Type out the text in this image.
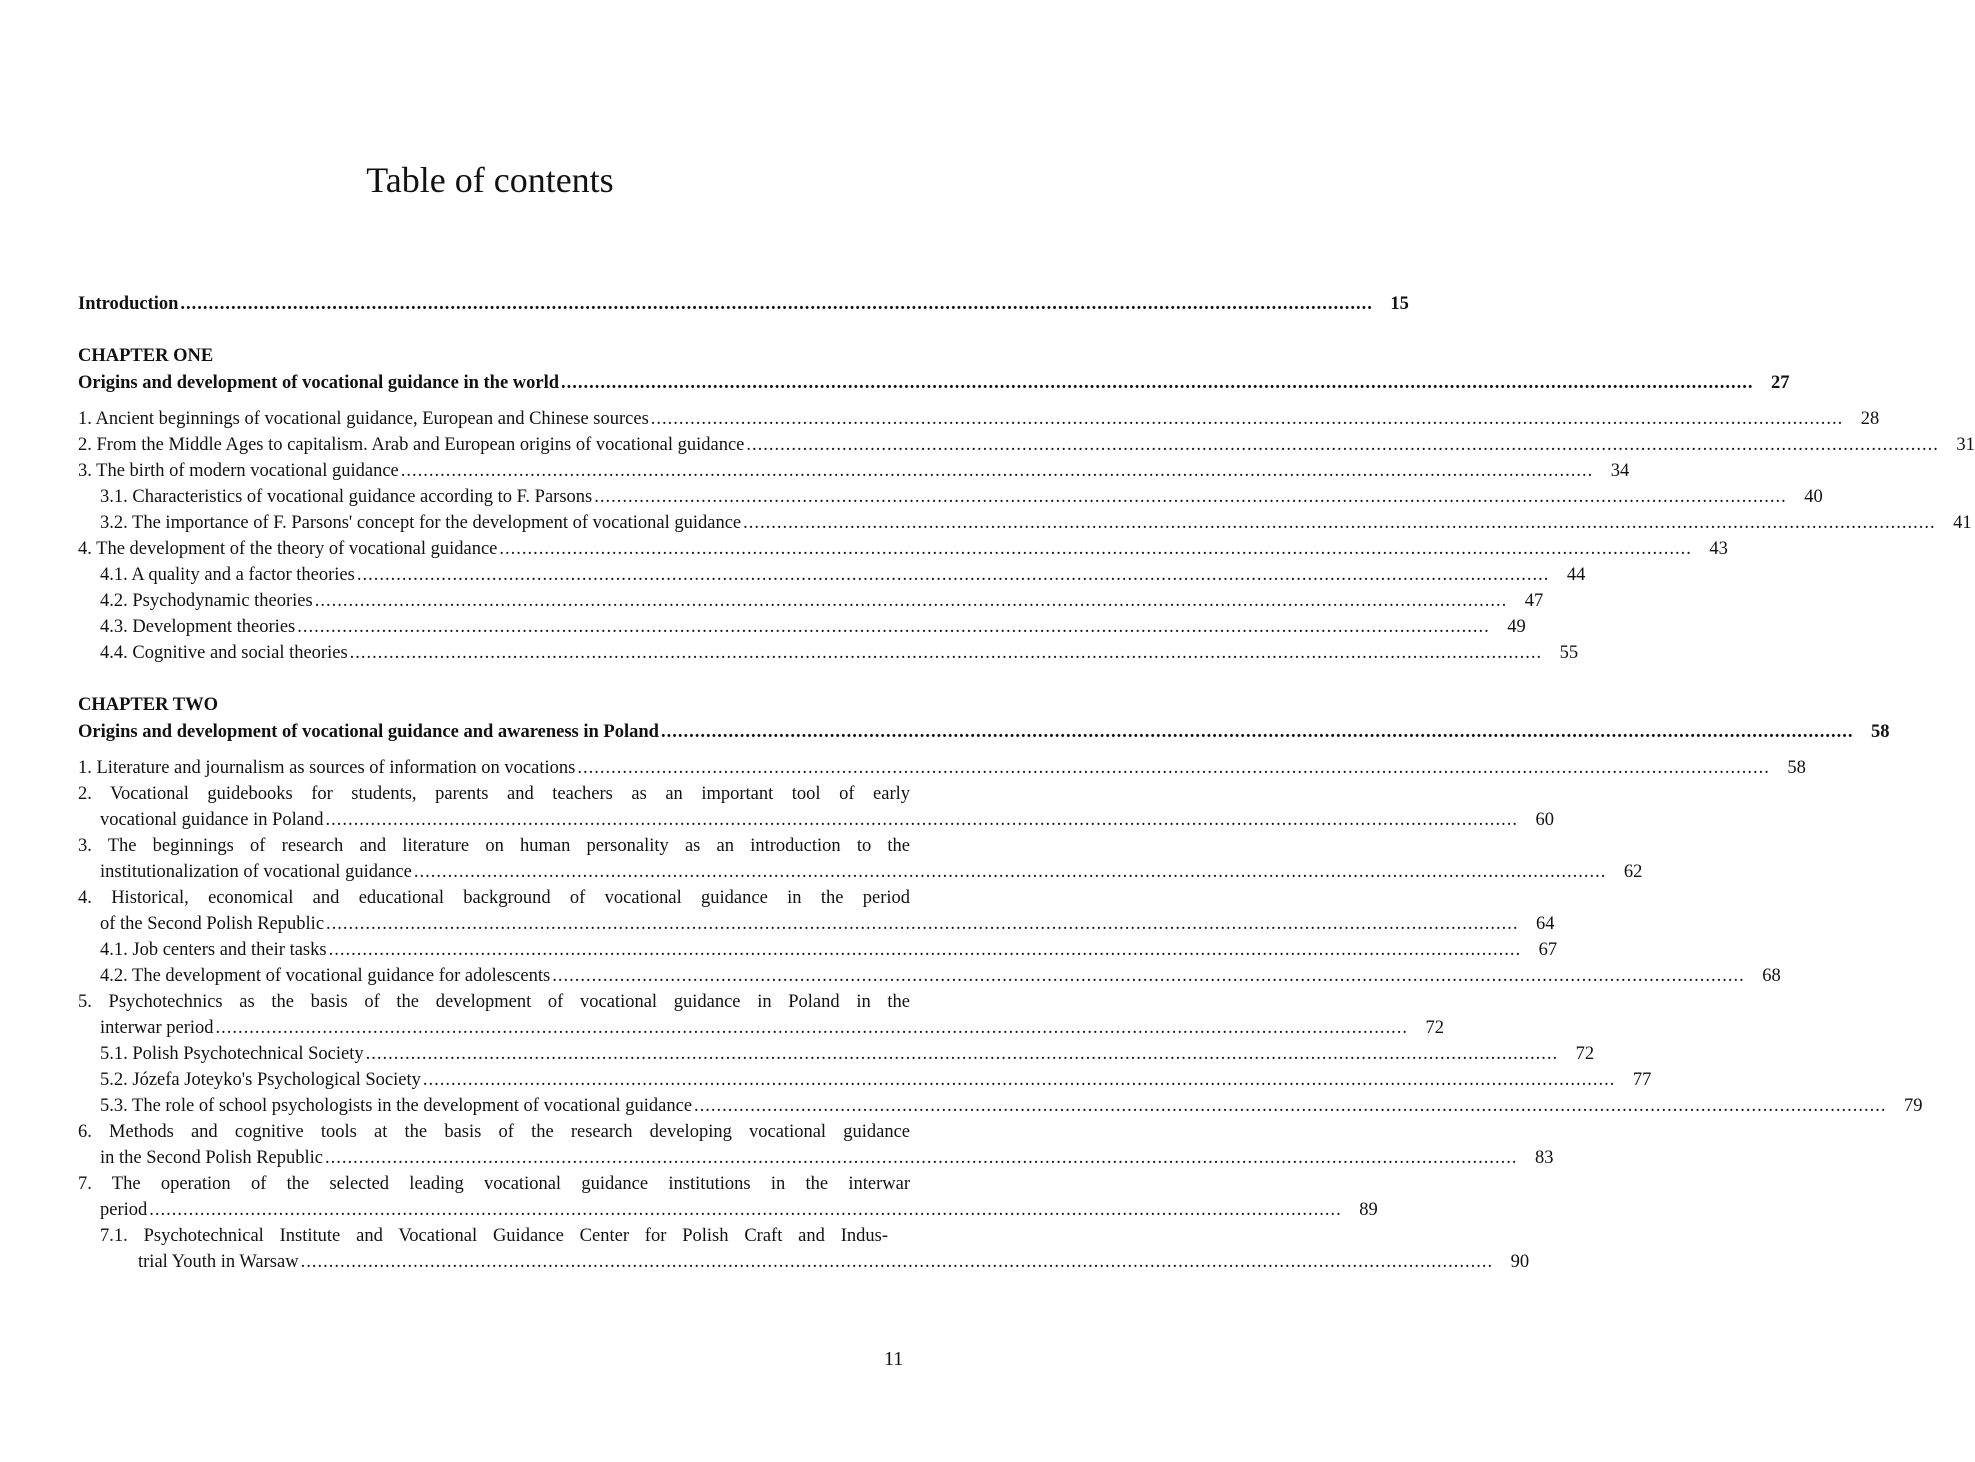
Table of contents
Introduction .....	15
CHAPTER ONE
Origins and development of vocational guidance in the world .....	27
1. Ancient beginnings of vocational guidance, European and Chinese sources .....	28
2. From the Middle Ages to capitalism. Arab and European origins of vocational guidance .....	31
3. The birth of modern vocational guidance .....	34
3.1. Characteristics of vocational guidance according to F. Parsons .....	40
3.2. The importance of F. Parsons' concept for the development of vocational guidance .....	41
4. The development of the theory of vocational guidance .....	43
4.1. A quality and a factor theories .....	44
4.2. Psychodynamic theories .....	47
4.3. Development theories .....	49
4.4. Cognitive and social theories .....	55
CHAPTER TWO
Origins and development of vocational guidance and awareness in Poland .....	58
1. Literature and journalism as sources of information on vocations .....	58
2. Vocational guidebooks for students, parents and teachers as an important tool of early
vocational guidance in Poland .....	60
3. The beginnings of research and literature on human personality as an introduction to the
institutionalization of vocational guidance .....	62
4. Historical, economical and educational background of vocational guidance in the period
of the Second Polish Republic .....	64
4.1. Job centers and their tasks .....	67
4.2. The development of vocational guidance for adolescents .....	68
5. Psychotechnics as the basis of the development of vocational guidance in Poland in the
interwar period .....	72
5.1. Polish Psychotechnical Society .....	72
5.2. Józefa Joteyko's Psychological Society .....	77
5.3. The role of school psychologists in the development of vocational guidance .....	79
6. Methods and cognitive tools at the basis of the research developing vocational guidance
in the Second Polish Republic .....	83
7. The operation of the selected leading vocational guidance institutions in the interwar
period .....	89
7.1. Psychotechnical Institute and Vocational Guidance Center for Polish Craft and Indus-
trial Youth in Warsaw .....	90
11
